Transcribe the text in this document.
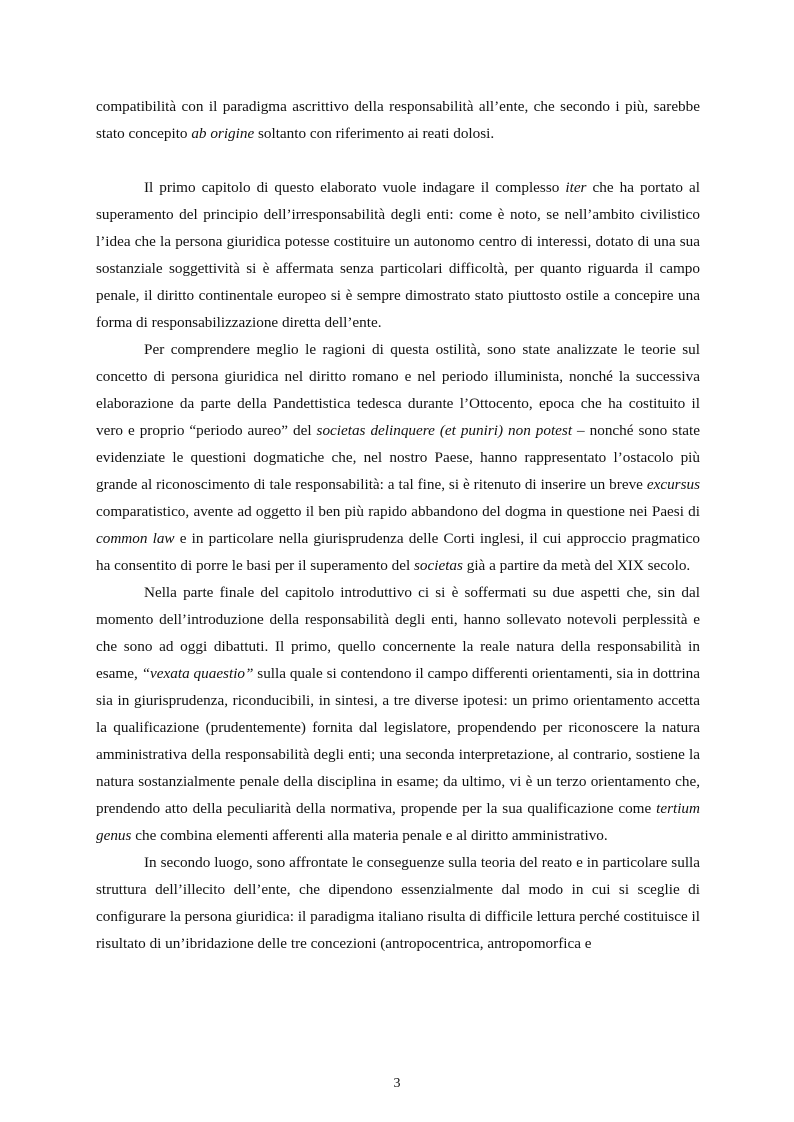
compatibilità con il paradigma ascrittivo della responsabilità all’ente, che secondo i più, sarebbe stato concepito ab origine soltanto con riferimento ai reati dolosi.

Il primo capitolo di questo elaborato vuole indagare il complesso iter che ha portato al superamento del principio dell’irresponsabilità degli enti: come è noto, se nell’ambito civilistico l’idea che la persona giuridica potesse costituire un autonomo centro di interessi, dotato di una sua sostanziale soggettività si è affermata senza particolari difficoltà, per quanto riguarda il campo penale, il diritto continentale europeo si è sempre dimostrato stato piuttosto ostile a concepire una forma di responsabilizzazione diretta dell’ente.

Per comprendere meglio le ragioni di questa ostilità, sono state analizzate le teorie sul concetto di persona giuridica nel diritto romano e nel periodo illuminista, nonché la successiva elaborazione da parte della Pandettistica tedesca durante l’Ottocento, epoca che ha costituito il vero e proprio “periodo aureo” del societas delinquere (et puniri) non potest – nonché sono state evidenziate le questioni dogmatiche che, nel nostro Paese, hanno rappresentato l’ostacolo più grande al riconoscimento di tale responsabilità: a tal fine, si è ritenuto di inserire un breve excursus comparatistico, avente ad oggetto il ben più rapido abbandono del dogma in questione nei Paesi di common law e in particolare nella giurisprudenza delle Corti inglesi, il cui approccio pragmatico ha consentito di porre le basi per il superamento del societas già a partire da metà del XIX secolo.

Nella parte finale del capitolo introduttivo ci si è soffermati su due aspetti che, sin dal momento dell’introduzione della responsabilità degli enti, hanno sollevato notevoli perplessità e che sono ad oggi dibattuti. Il primo, quello concernente la reale natura della responsabilità in esame, “vexata quaestio” sulla quale si contendono il campo differenti orientamenti, sia in dottrina sia in giurisprudenza, riconducibili, in sintesi, a tre diverse ipotesi: un primo orientamento accetta la qualificazione (prudentemente) fornita dal legislatore, propendendo per riconoscere la natura amministrativa della responsabilità degli enti; una seconda interpretazione, al contrario, sostiene la natura sostanzialmente penale della disciplina in esame; da ultimo, vi è un terzo orientamento che, prendendo atto della peculiarità della normativa, propende per la sua qualificazione come tertium genus che combina elementi afferenti alla materia penale e al diritto amministrativo.

In secondo luogo, sono affrontate le conseguenze sulla teoria del reato e in particolare sulla struttura dell’illecito dell’ente, che dipendono essenzialmente dal modo in cui si sceglie di configurare la persona giuridica: il paradigma italiano risulta di difficile lettura perché costituisce il risultato di un’ibridazione delle tre concezioni (antropocentrica, antropomorfica e

3
